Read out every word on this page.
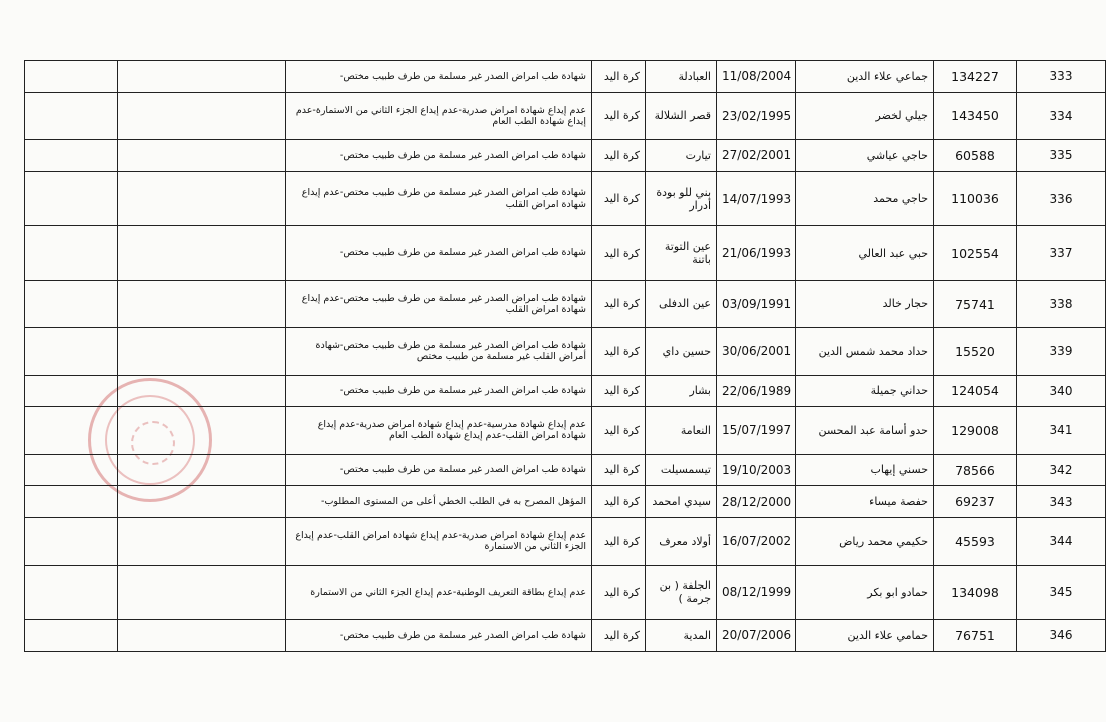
333	134227	جماعي علاء الدين	11/08/2004	العبادلة	كرة اليد	شهادة طب امراض الصدر غير مسلمة من طرف طبيب مختص-		
334	143450	جيلي لخضر	23/02/1995	قصر الشلالة	كرة اليد	عدم إيداع شهادة امراض صدرية-عدم إيداع الجزء الثاني من الاستمارة-عدم إيداع شهادة الطب العام		
335	60588	حاجي عياشي	27/02/2001	تيارت	كرة اليد	شهادة طب امراض الصدر غير مسلمة من طرف طبيب مختص-		
336	110036	حاجي محمد	14/07/1993	بني للو بودة أدرار	كرة اليد	شهادة طب امراض الصدر غير مسلمة من طرف طبيب مختص-عدم إيداع شهادة امراض القلب		
337	102554	حبي عبد العالي	21/06/1993	عين التوتة باتنة	كرة اليد	شهادة طب امراض الصدر غير مسلمة من طرف طبيب مختص-		
338	75741	حجار خالد	03/09/1991	عين الدفلى	كرة اليد	شهادة طب امراض الصدر غير مسلمة من طرف طبيب مختص-عدم إيداع شهادة امراض القلب		
339	15520	حداد محمد شمس الدين	30/06/2001	حسين داي	كرة اليد	شهادة طب امراض الصدر غير مسلمة من طرف طبيب مختص-شهادة أمراض القلب غير مسلمة من طبيب مختص		
340	124054	حداني جميلة	22/06/1989	بشار	كرة اليد	شهادة طب امراض الصدر غير مسلمة من طرف طبيب مختص-		
341	129008	حدو أسامة عبد المحسن	15/07/1997	النعامة	كرة اليد	عدم إيداع شهادة مدرسية-عدم إيداع شهادة امراض صدرية-عدم إيداع شهادة امراض القلب-عدم إيداع شهادة الطب العام		
342	78566	حسني إيهاب	19/10/2003	تيسمسيلت	كرة اليد	شهادة طب امراض الصدر غير مسلمة من طرف طبيب مختص-		
343	69237	حفصة ميساء	28/12/2000	سيدي امحمد	كرة اليد	المؤهل المصرح به في الطلب الخطي أعلى من المستوى المطلوب-		
344	45593	حكيمي محمد رياض	16/07/2002	أولاد معرف	كرة اليد	عدم إيداع شهادة امراض صدرية-عدم إيداع شهادة امراض القلب-عدم إيداع الجزء الثاني من الاستمارة		
345	134098	حمادو ابو بكر	08/12/1999	الجلفة ( بن جرمة )	كرة اليد	عدم إيداع بطاقة التعريف الوطنية-عدم إيداع الجزء الثاني من الاستمارة		
346	76751	حمامي علاء الدين	20/07/2006	المدية	كرة اليد	شهادة طب امراض الصدر غير مسلمة من طرف طبيب مختص-		
